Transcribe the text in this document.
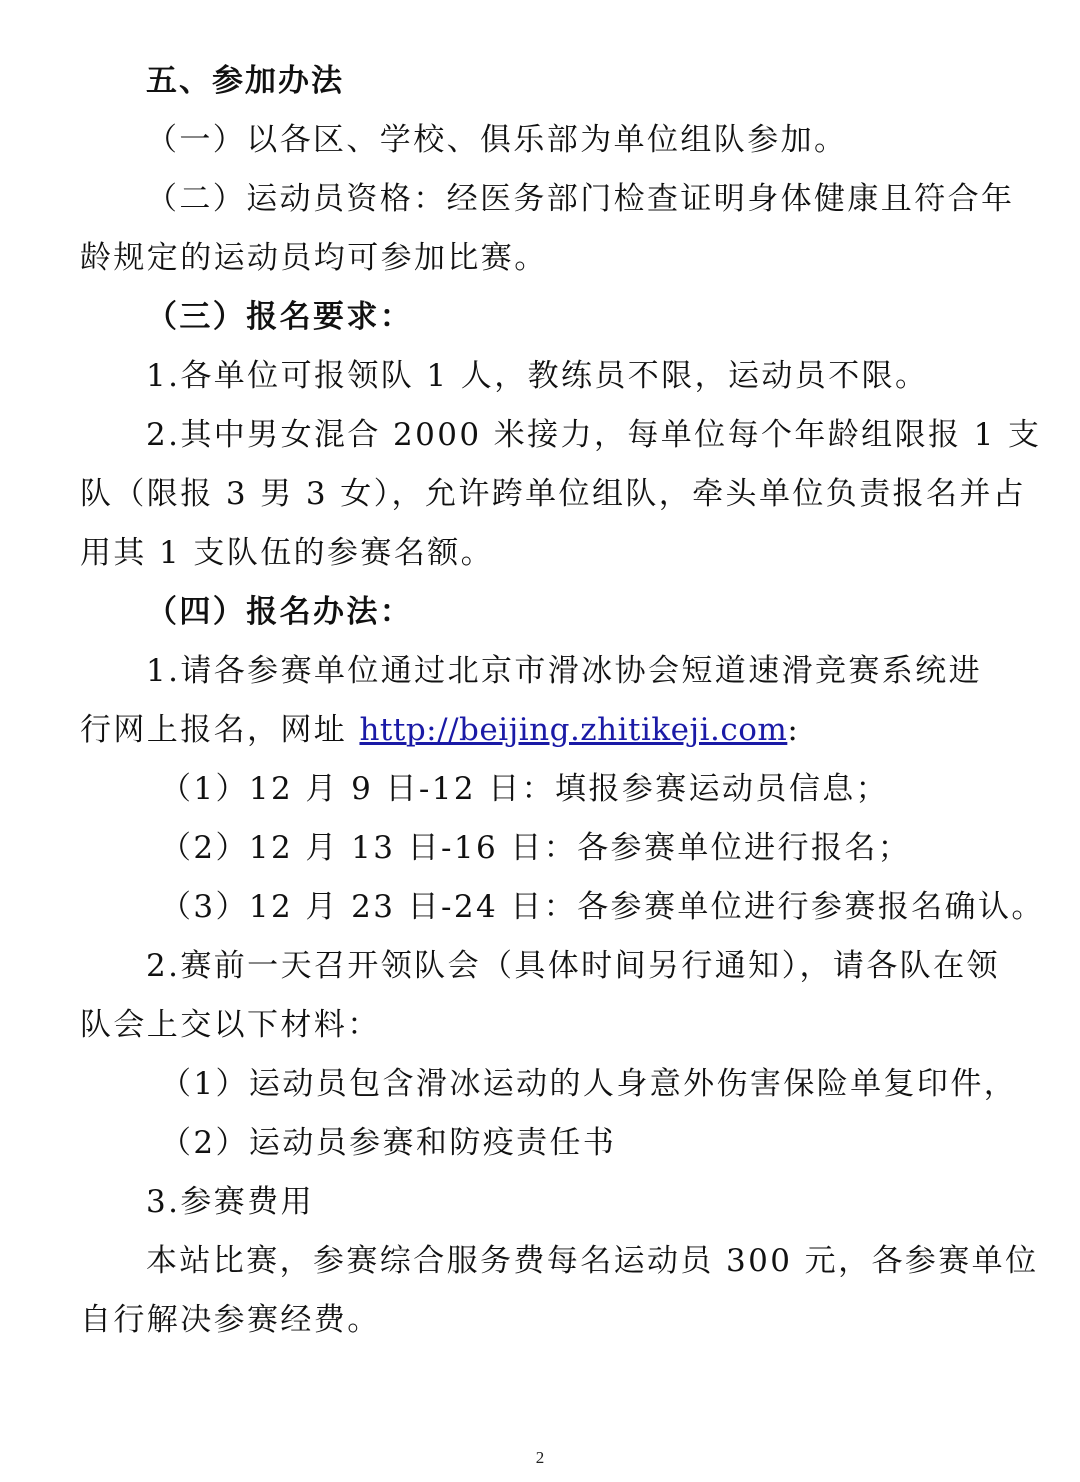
五、参加办法

（一）以各区、学校、俱乐部为单位组队参加。

（二）运动员资格：经医务部门检查证明身体健康且符合年

龄规定的运动员均可参加比赛。

（三）报名要求：

1.各单位可报领队 1 人，教练员不限，运动员不限。

2.其中男女混合 2000 米接力，每单位每个年龄组限报 1 支

队（限报 3 男 3 女），允许跨单位组队，牵头单位负责报名并占

用其 1 支队伍的参赛名额。

（四）报名办法：

1.请各参赛单位通过北京市滑冰协会短道速滑竞赛系统进

行网上报名，网址 http://beijing.zhitikeji.com:

（1）12 月 9 日-12 日：填报参赛运动员信息；

（2）12 月 13 日-16 日：各参赛单位进行报名；

（3）12 月 23 日-24 日：各参赛单位进行参赛报名确认。

2.赛前一天召开领队会（具体时间另行通知），请各队在领

队会上交以下材料：

（1）运动员包含滑冰运动的人身意外伤害保险单复印件，

（2）运动员参赛和防疫责任书

3.参赛费用

本站比赛，参赛综合服务费每名运动员 300 元，各参赛单位

自行解决参赛经费。

2
